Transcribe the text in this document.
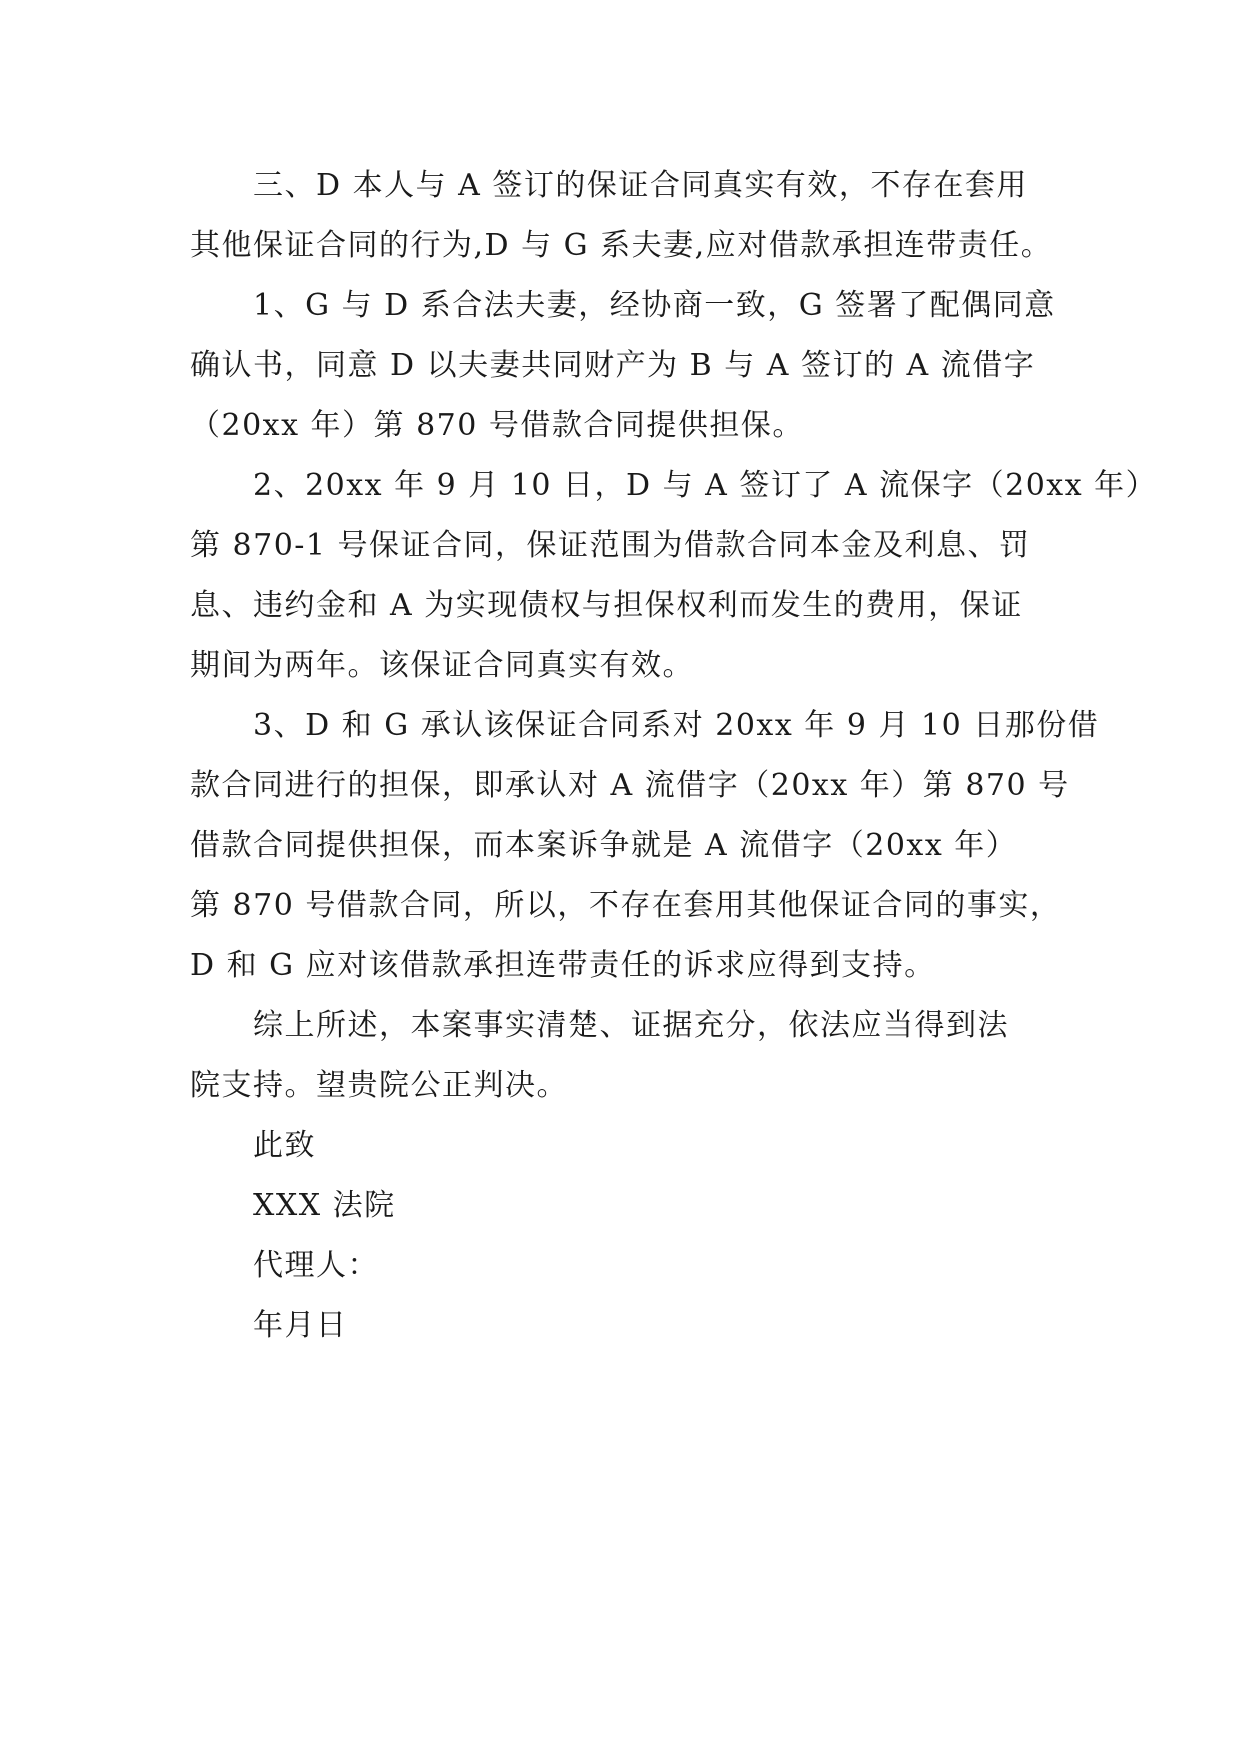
三、D 本人与 A 签订的保证合同真实有效，不存在套用
其他保证合同的行为,D 与 G 系夫妻,应对借款承担连带责任。
1、G 与 D 系合法夫妻，经协商一致，G 签署了配偶同意
确认书，同意 D 以夫妻共同财产为 B 与 A 签订的 A 流借字
（20xx 年）第 870 号借款合同提供担保。
2、20xx 年 9 月 10 日，D 与 A 签订了 A 流保字（20xx 年）
第 870-1 号保证合同，保证范围为借款合同本金及利息、罚
息、违约金和 A 为实现债权与担保权利而发生的费用，保证
期间为两年。该保证合同真实有效。
3、D 和 G 承认该保证合同系对 20xx 年 9 月 10 日那份借
款合同进行的担保，即承认对 A 流借字（20xx 年）第 870 号
借款合同提供担保，而本案诉争就是 A 流借字（20xx 年）
第 870 号借款合同，所以，不存在套用其他保证合同的事实，
D 和 G 应对该借款承担连带责任的诉求应得到支持。
综上所述，本案事实清楚、证据充分，依法应当得到法
院支持。望贵院公正判决。
此致
XXX 法院
代理人：
年月日
